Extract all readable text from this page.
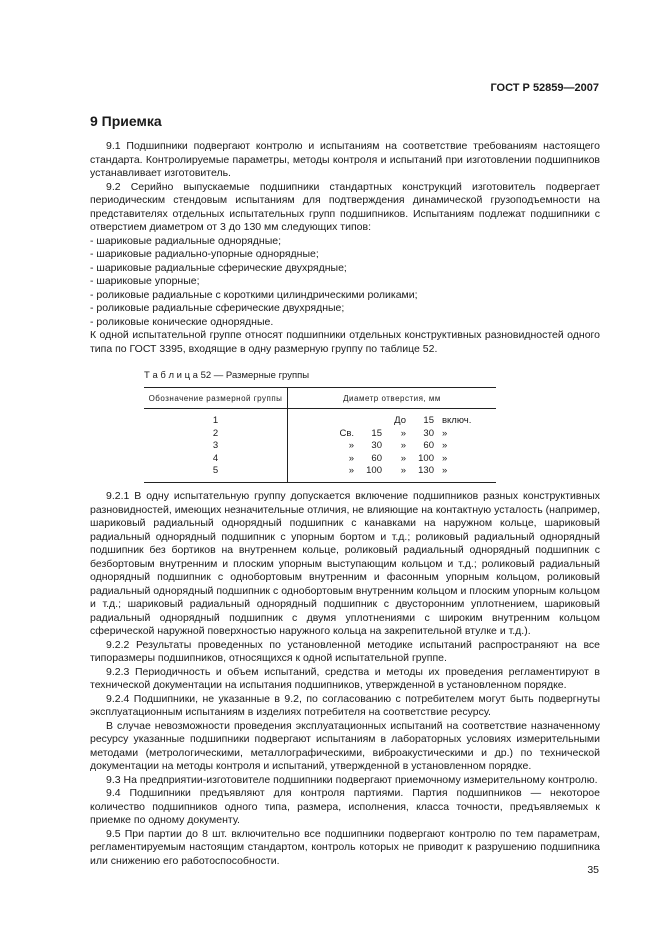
ГОСТ Р 52859—2007
9 Приемка

9.1 Подшипники подвергают контролю и испытаниям на соответствие требованиям настоящего стандарта. Контролируемые параметры, методы контроля и испытаний при изготовлении подшипников устанавливает изготовитель.

9.2 Серийно выпускаемые подшипники стандартных конструкций изготовитель подвергает периодическим стендовым испытаниям для подтверждения динамической грузоподъемности на представителях отдельных испытательных групп подшипников. Испытаниям подлежат подшипники с отверстием диаметром от 3 до 130 мм следующих типов:

- шариковые радиальные однорядные;

- шариковые радиально-упорные однорядные;

- шариковые радиальные сферические двухрядные;

- шариковые упорные;

- роликовые радиальные с короткими цилиндрическими роликами;

- роликовые радиальные сферические двухрядные;

- роликовые конические однорядные.

К одной испытательной группе относят подшипники отдельных конструктивных разновидностей одного типа по ГОСТ 3395, входящие в одну размерную группу по таблице 52.

Т а б л и ц а 52 — Размерные группы
Обозначение размерной группы	Диаметр отверстия, мм
1	До 15 включ.

2	Св. 15 » 30 »

3	» 30 » 60 »

4	» 60 » 100 »

5	» 100 » 130 »

9.2.1 В одну испытательную группу допускается включение подшипников разных конструктивных разновидностей, имеющих незначительные отличия, не влияющие на контактную усталость (например, шариковый радиальный однорядный подшипник с канавками на наружном кольце, шариковый радиальный однорядный подшипник с упорным бортом и т.д.; роликовый радиальный однорядный подшипник без бортиков на внутреннем кольце, роликовый радиальный однорядный подшипник с безбортовым внутренним и плоским упорным выступающим кольцом и т.д.; роликовый радиальный однорядный подшипник с однобортовым внутренним и фасонным упорным кольцом, роликовый радиальный однорядный подшипник с однобортовым внутренним кольцом и плоским упорным кольцом и т.д.; шариковый радиальный однорядный подшипник с двусторонним уплотнением, шариковый радиальный однорядный подшипник с двумя уплотнениями с широким внутренним кольцом сферической наружной поверхностью наружного кольца на закрепительной втулке и т.д.).

9.2.2 Результаты проведенных по установленной методике испытаний распространяют на все типоразмеры подшипников, относящихся к одной испытательной группе.

9.2.3 Периодичность и объем испытаний, средства и методы их проведения регламентируют в технической документации на испытания подшипников, утвержденной в установленном порядке.

9.2.4 Подшипники, не указанные в 9.2, по согласованию с потребителем могут быть подвергнуты эксплуатационным испытаниям в изделиях потребителя на соответствие ресурсу.

В случае невозможности проведения эксплуатационных испытаний на соответствие назначенному ресурсу указанные подшипники подвергают испытаниям в лабораторных условиях измерительными методами (метрологическими, металлографическими, виброакустическими и др.) по технической документации на методы контроля и испытаний, утвержденной в установленном порядке.

9.3 На предприятии-изготовителе подшипники подвергают приемочному измерительному контролю.

9.4 Подшипники предъявляют для контроля партиями. Партия подшипников — некоторое количество подшипников одного типа, размера, исполнения, класса точности, предъявляемых к приемке по одному документу.

9.5 При партии до 8 шт. включительно все подшипники подвергают контролю по тем параметрам, регламентируемым настоящим стандартом, контроль которых не приводит к разрушению подшипника или снижению его работоспособности.

35
